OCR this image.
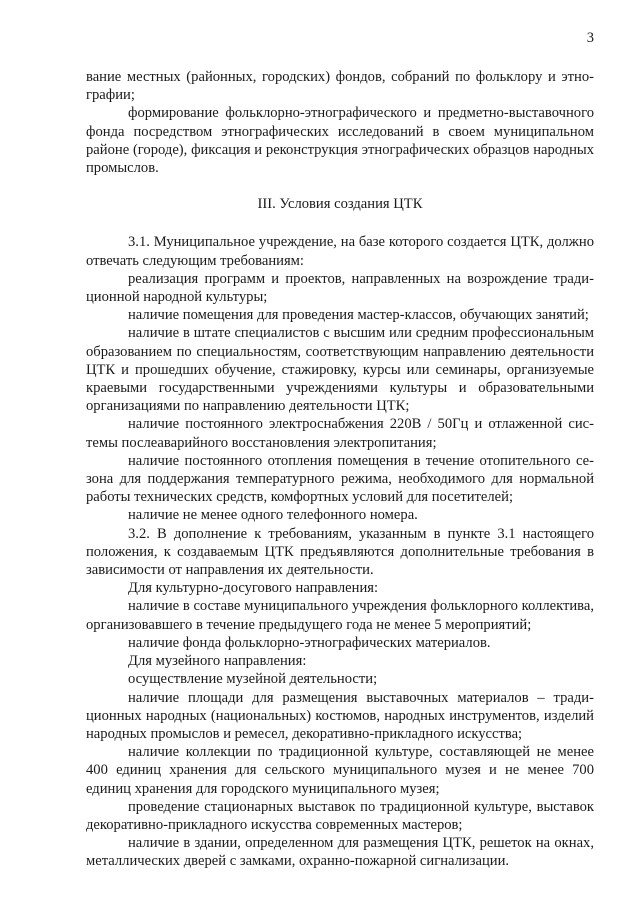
3

вание местных (районных, городских) фондов, собраний по фольклору и этнографии;

формирование фольклорно-этнографического и предметно-выставочного фонда посредством этнографических исследований в своем муниципальном районе (городе), фиксация и реконструкция этнографических образцов народных промыслов.

III. Условия создания ЦТК

3.1. Муниципальное учреждение, на базе которого создается ЦТК, должно отвечать следующим требованиям:

реализация программ и проектов, направленных на возрождение традиционной народной культуры;

наличие помещения для проведения мастер-классов, обучающих занятий;

наличие в штате специалистов с высшим или средним профессиональным образованием по специальностям, соответствующим направлению деятельности ЦТК и прошедших обучение, стажировку, курсы или семинары, организуемые краевыми государственными учреждениями культуры и образовательными организациями по направлению деятельности ЦТК;

наличие постоянного электроснабжения 220В / 50Гц и отлаженной системы послеаварийного восстановления электропитания;

наличие постоянного отопления помещения в течение отопительного сезона для поддержания температурного режима, необходимого для нормальной работы технических средств, комфортных условий для посетителей;

наличие не менее одного телефонного номера.

3.2. В дополнение к требованиям, указанным в пункте 3.1 настоящего положения, к создаваемым ЦТК предъявляются дополнительные требования в зависимости от направления их деятельности.

Для культурно-досугового направления:

наличие в составе муниципального учреждения фольклорного коллектива, организовавшего в течение предыдущего года не менее 5 мероприятий;

наличие фонда фольклорно-этнографических материалов.

Для музейного направления:

осуществление музейной деятельности;

наличие площади для размещения выставочных материалов – традиционных народных (национальных) костюмов, народных инструментов, изделий народных промыслов и ремесел, декоративно-прикладного искусства;

наличие коллекции по традиционной культуре, составляющей не менее 400 единиц хранения для сельского муниципального музея и не менее 700 единиц хранения для городского муниципального музея;

проведение стационарных выставок по традиционной культуре, выставок декоративно-прикладного искусства современных мастеров;

наличие в здании, определенном для размещения ЦТК, решеток на окнах, металлических дверей с замками, охранно-пожарной сигнализации.
